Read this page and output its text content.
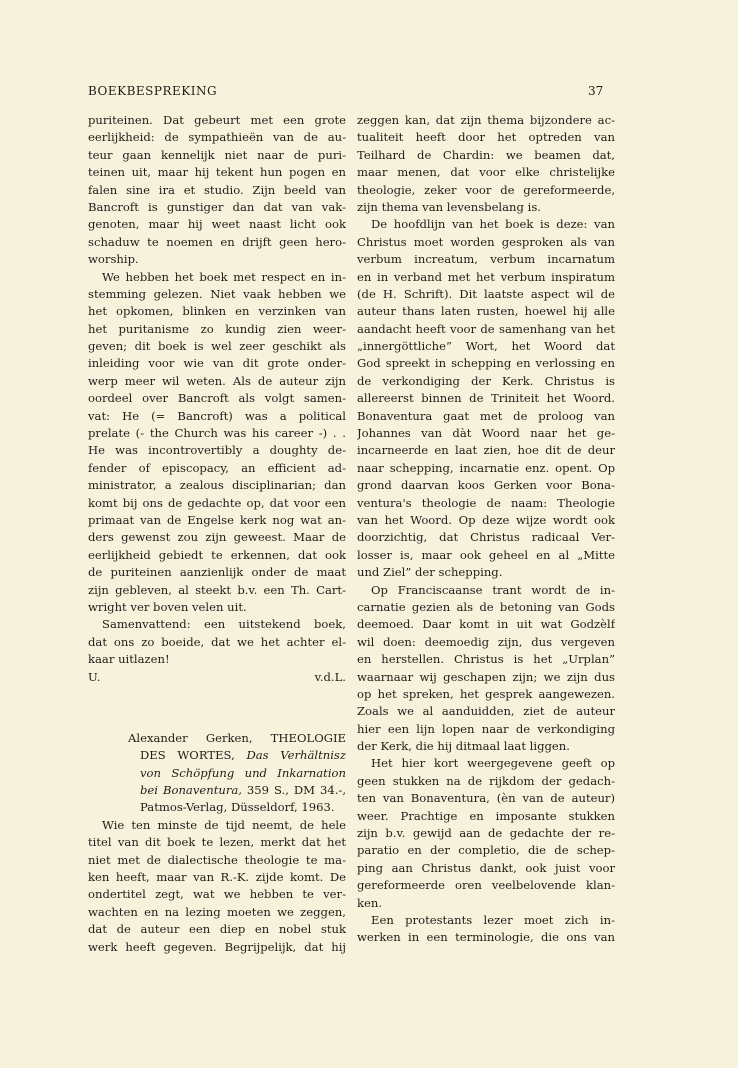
BOEKBESPREKING	37
puriteinen. Dat gebeurt met een grote
eerlijkheid: de sympathieën van de au-
teur gaan kennelijk niet naar de puri-
teinen uit, maar hij tekent hun pogen en
falen sine ira et studio. Zijn beeld van
Bancroft is gunstiger dan dat van vak-
genoten, maar hij weet naast licht ook
schaduw te noemen en drijft geen hero-
worship.
We hebben het boek met respect en in-
stemming gelezen. Niet vaak hebben we
het opkomen, blinken en verzinken van
het puritanisme zo kundig zien weer-
geven; dit boek is wel zeer geschikt als
inleiding voor wie van dit grote onder-
werp meer wil weten. Als de auteur zijn
oordeel over Bancroft als volgt samen-
vat: He (= Bancroft) was a political
prelate (- the Church was his career -) . .
He was incontrovertibly a doughty de-
fender of episcopacy, an efficient ad-
ministrator, a zealous disciplinarian; dan
komt bij ons de gedachte op, dat voor een
primaat van de Engelse kerk nog wat an-
ders gewenst zou zijn geweest. Maar de
eerlijkheid gebiedt te erkennen, dat ook
de puriteinen aanzienlijk onder de maat
zijn gebleven, al steekt b.v. een Th. Cart-
wright ver boven velen uit.
Samenvattend: een uitstekend boek,
dat ons zo boeide, dat we het achter el-
kaar uitlazen!
U.	v.d.L.
Alexander Gerken, THEOLOGIE
DES WORTES, Das Verhältnisz
von Schöpfung und Inkarnation
bei Bonaventura, 359 S., DM 34.-,
Patmos-Verlag, Düsseldorf, 1963.
Wie ten minste de tijd neemt, de hele
titel van dit boek te lezen, merkt dat het
niet met de dialectische theologie te ma-
ken heeft, maar van R.-K. zijde komt. De
ondertitel zegt, wat we hebben te ver-
wachten en na lezing moeten we zeggen,
dat de auteur een diep en nobel stuk
werk heeft gegeven. Begrijpelijk, dat hij
zeggen kan, dat zijn thema bijzondere ac-
tualiteit heeft door het optreden van
Teilhard de Chardin: we beamen dat,
maar menen, dat voor elke christelijke
theologie, zeker voor de gereformeerde,
zijn thema van levensbelang is.
De hoofdlijn van het boek is deze: van
Christus moet worden gesproken als van
verbum increatum, verbum incarnatum
en in verband met het verbum inspiratum
(de H. Schrift). Dit laatste aspect wil de
auteur thans laten rusten, hoewel hij alle
aandacht heeft voor de samenhang van het
„innergöttliche” Wort, het Woord dat
God spreekt in schepping en verlossing en
de verkondiging der Kerk. Christus is
allereerst binnen de Triniteit het Woord.
Bonaventura gaat met de proloog van
Johannes van dàt Woord naar het ge-
incarneerde en laat zien, hoe dit de deur
naar schepping, incarnatie enz. opent. Op
grond daarvan koos Gerken voor Bona-
ventura's theologie de naam: Theologie
van het Woord. Op deze wijze wordt ook
doorzichtig, dat Christus radicaal Ver-
losser is, maar ook geheel en al „Mitte
und Ziel” der schepping.
Op Franciscaanse trant wordt de in-
carnatie gezien als de betoning van Gods
deemoed. Daar komt in uit wat Godzèlf
wil doen: deemoedig zijn, dus vergeven
en herstellen. Christus is het „Urplan”
waarnaar wij geschapen zijn; we zijn dus
op het spreken, het gesprek aangewezen.
Zoals we al aanduidden, ziet de auteur
hier een lijn lopen naar de verkondiging
der Kerk, die hij ditmaal laat liggen.
Het hier kort weergegevene geeft op
geen stukken na de rijkdom der gedach-
ten van Bonaventura, (èn van de auteur)
weer. Prachtige en imposante stukken
zijn b.v. gewijd aan de gedachte der re-
paratio en der completio, die de schep-
ping aan Christus dankt, ook juist voor
gereformeerde oren veelbelovende klan-
ken.
Een protestants lezer moet zich in-
werken in een terminologie, die ons van
